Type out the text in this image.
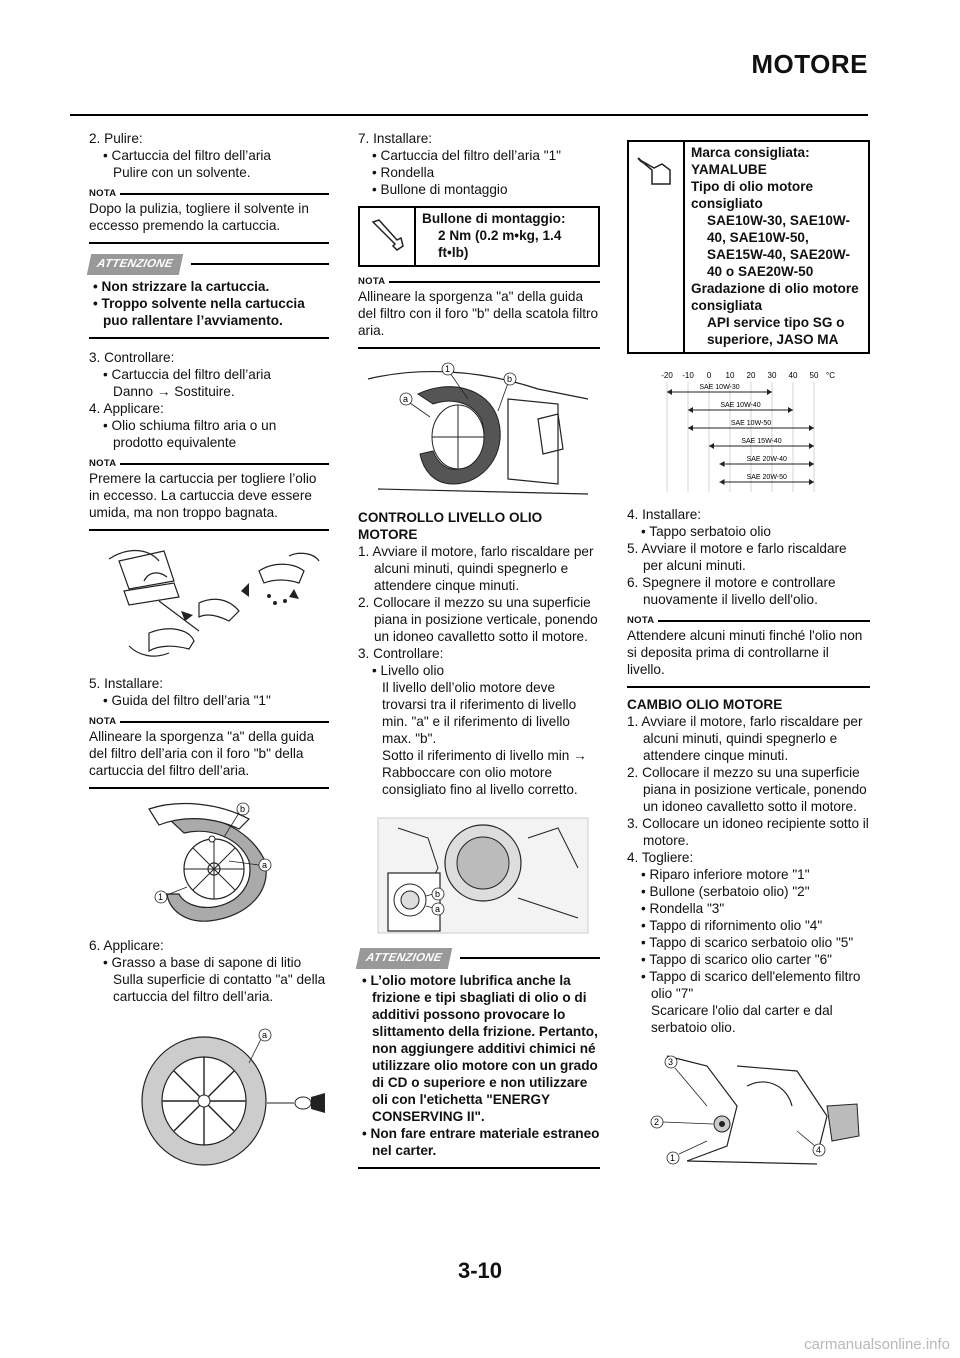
MOTORE
2. Pulire:
• Cartuccia del filtro dell’aria
Pulire con un solvente.
NOTA
Dopo la pulizia, togliere il solvente in eccesso premendo la cartuccia.
ATTENZIONE
• Non strizzare la cartuccia.
• Troppo solvente nella cartuccia puo rallentare l’avviamento.
3. Controllare:
• Cartuccia del filtro dell’aria
Danno → Sostituire.
4. Applicare:
• Olio schiuma filtro aria o un prodotto equivalente
NOTA
Premere la cartuccia per togliere l’olio in eccesso. La cartuccia deve essere umida, ma non troppo bagnata.
5. Installare:
• Guida del filtro dell’aria "1"
NOTA
Allineare la sporgenza "a" della guida del filtro dell’aria con il foro "b" della cartuccia del filtro dell’aria.
b
a
1
6. Applicare:
• Grasso a base di sapone di litio
Sulla superficie di contatto "a" della cartuccia del filtro dell’aria.
a
7. Installare:
• Cartuccia del filtro dell’aria "1"
• Rondella
• Bullone di montaggio
Bullone di montaggio:
2 Nm (0.2 m•kg, 1.4 ft•lb)
NOTA
Allineare la sporgenza "a" della guida del filtro con il foro "b" della scatola filtro aria.
1
b
a
CONTROLLO LIVELLO OLIO MOTORE
1. Avviare il motore, farlo riscaldare per alcuni minuti, quindi spegnerlo e attendere cinque minuti.
2. Collocare il mezzo su una superficie piana in posizione verticale, ponendo un idoneo cavalletto sotto il motore.
3. Controllare:
• Livello olio
Il livello dell’olio motore deve trovarsi tra il riferimento di livello min. "a" e il riferimento di livello max. "b".
Sotto il riferimento di livello min → Rabboccare con olio motore consigliato fino al livello corretto.
b
a
ATTENZIONE
• L’olio motore lubrifica anche la frizione e tipi sbagliati di olio o di additivi possono provocare lo slittamento della frizione. Pertanto, non aggiungere additivi chimici né utilizzare olio motore con un grado di CD o superiore e non utilizzare oli con l'etichetta "ENERGY CONSERVING II".
• Non fare entrare materiale estraneo nel carter.
Marca consigliata: YAMALUBE
Tipo di olio motore consigliato
SAE10W-30, SAE10W-40, SAE10W-50, SAE15W-40, SAE20W-40 o SAE20W-50
Gradazione di olio motore consigliata
API service tipo SG o superiore, JASO MA
-20 -10 0 10 20 30 40 50 °C
SAE 10W-30
SAE 10W-40
SAE 10W-50
SAE 15W-40
SAE 20W-40
SAE 20W-50
4. Installare:
• Tappo serbatoio olio
5. Avviare il motore e farlo riscaldare per alcuni minuti.
6. Spegnere il motore e controllare nuovamente il livello dell'olio.
NOTA
Attendere alcuni minuti finché l'olio non si deposita prima di controllarne il livello.
CAMBIO OLIO MOTORE
1. Avviare il motore, farlo riscaldare per alcuni minuti, quindi spegnerlo e attendere cinque minuti.
2. Collocare il mezzo su una superficie piana in posizione verticale, ponendo un idoneo cavalletto sotto il motore.
3. Collocare un idoneo recipiente sotto il motore.
4. Togliere:
• Riparo inferiore motore "1"
• Bullone (serbatoio olio) "2"
• Rondella "3"
• Tappo di rifornimento olio "4"
• Tappo di scarico serbatoio olio "5"
• Tappo di scarico olio carter "6"
• Tappo di scarico dell'elemento filtro olio "7"
Scaricare l'olio dal carter e dal serbatoio olio.
3
2
1
4
3-10
carmanualsonline.info
